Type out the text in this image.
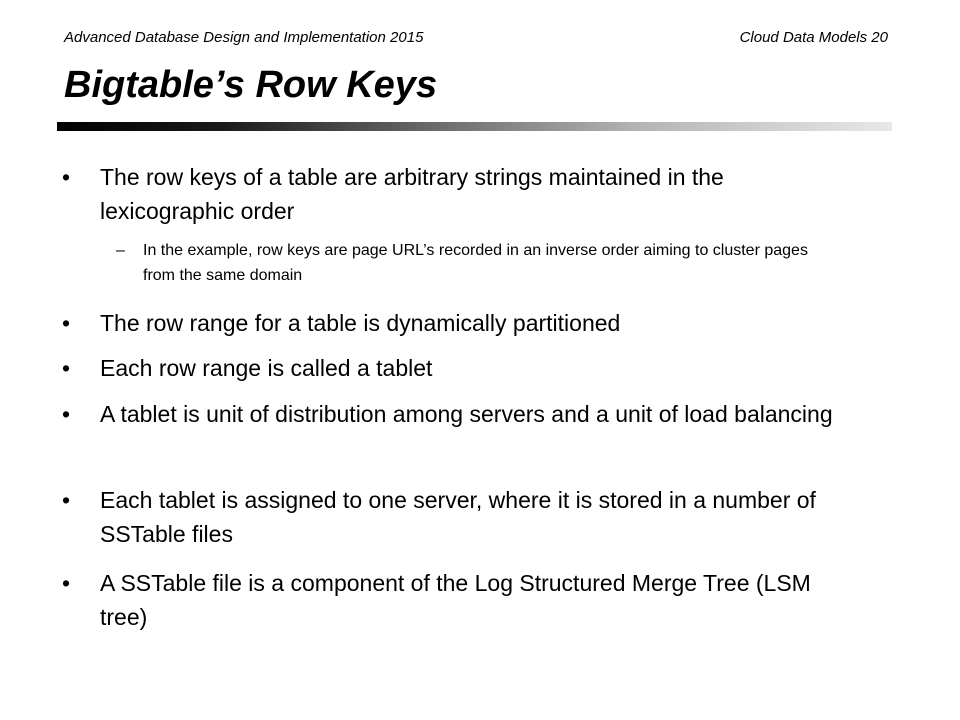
Advanced Database Design and Implementation 2015	Cloud Data Models 20
Bigtable’s Row Keys
• The row keys of a table are arbitrary strings maintained in the lexicographic order
– In the example, row keys are page URL’s recorded in an inverse order aiming to cluster pages from the same domain
• The row range for a table is dynamically partitioned
• Each row range is called a tablet
• A tablet is unit of distribution among servers and a unit of load balancing
• Each tablet is assigned to one server, where it is stored in a number of SSTable files
• A SSTable file is a component of the Log Structured Merge Tree (LSM tree)
